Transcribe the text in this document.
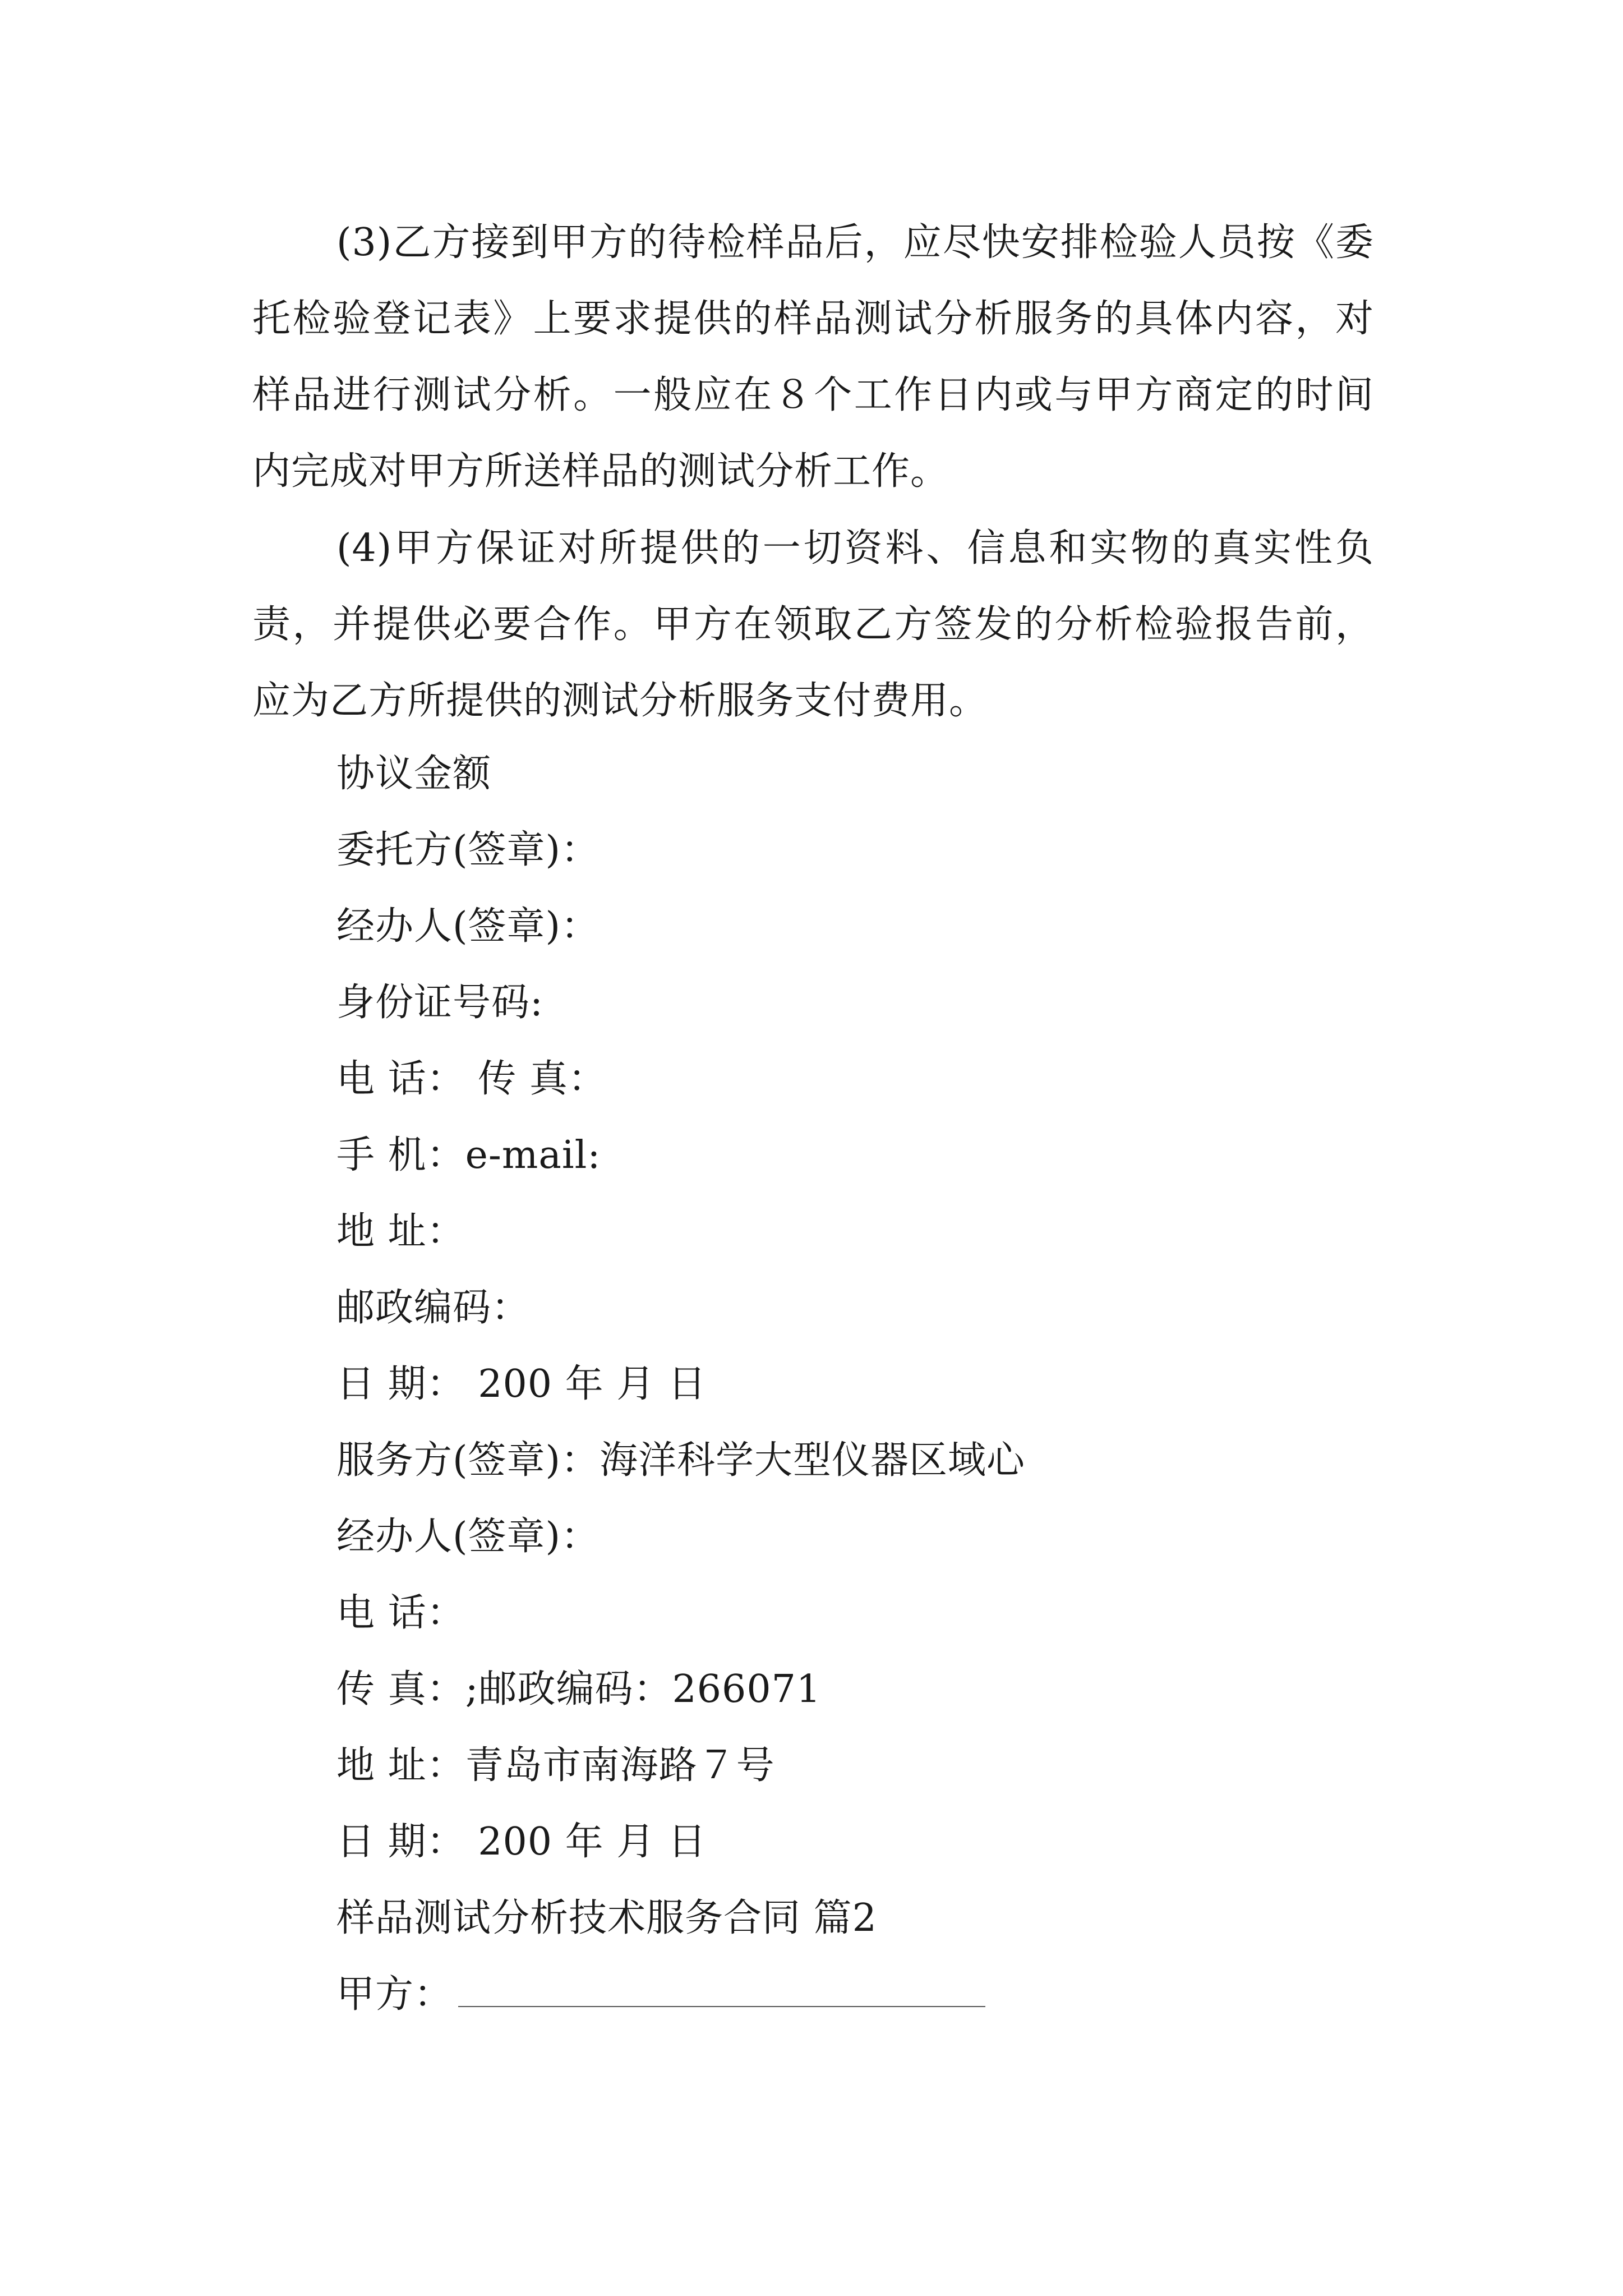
(3)乙方接到甲方的待检样品后，应尽快安排检验人员按《委托检验登记表》上要求提供的样品测试分析服务的具体内容，对样品进行测试分析。一般应在８个工作日内或与甲方商定的时间内完成对甲方所送样品的测试分析工作。

(4)甲方保证对所提供的一切资料、信息和实物的真实性负责，并提供必要合作。甲方在领取乙方签发的分析检验报告前，应为乙方所提供的测试分析服务支付费用。

协议金额
委托方(签章)：
经办人(签章)：
身份证号码:
电 话： 传 真：
手 机：e-mail:
地 址：
邮政编码：
日 期： 200 年 月 日
服务方(签章)：海洋科学大型仪器区域心
经办人(签章)：
电 话：
传 真：;邮政编码：266071
地 址：青岛市南海路７号
日 期： 200 年 月 日
样品测试分析技术服务合同 篇2
甲方：
